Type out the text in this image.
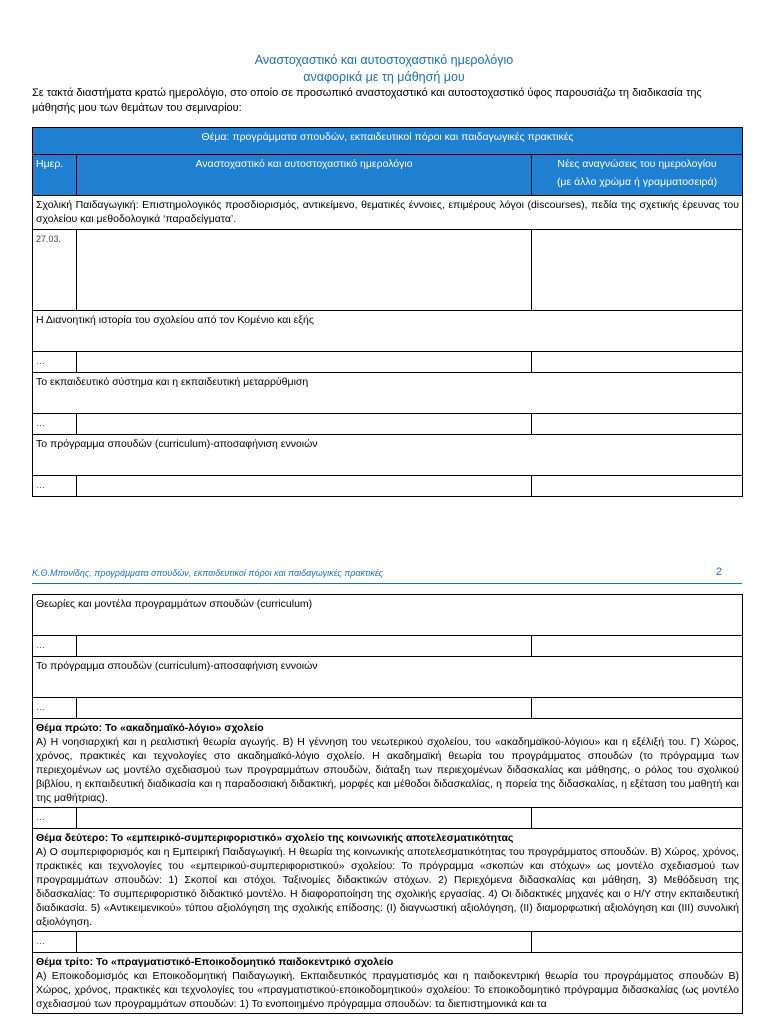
Αναστοχαστικό και αυτοστοχαστικό ημερολόγιο
αναφορικά με τη μάθησή μου
Σε τακτά διαστήματα κρατώ ημερολόγιο, στο οποίο σε προσωπικό αναστοχαστικό και αυτοστοχαστικό ύφος παρουσιάζω τη διαδικασία της μάθησής μου των θεμάτων του σεμιναρίου:
Θέμα: προγράμματα σπουδών, εκπαιδευτικοί πόροι και παιδαγωγικές πρακτικές		
Ημερ.	Αναστοχαστικό και αυτοστοχαστικό ημερολόγιο	Νέες αναγνώσεις του ημερολογίου
(με άλλο χρώμα ή γραμματοσειρά)

Σχολική Παιδαγωγική: Επιστημολογικός προσδιορισμός, αντικείμενο, θεματικές έννοιες, επιμέρους λόγοι (discourses), πεδία της σχετικής έρευνας του σχολείου και μεθοδολογικά ‘παραδείγματα’.		
27.03.		
Η Διανοητική ιστορία του σχολείου από τον Κομένιο και εξής		
…		
Το εκπαιδευτικό σύστημα και η εκπαιδευτική μεταρρύθμιση		
…		
Το πρόγραμμα σπουδών (curriculum)-αποσαφήνιση εννοιών		
…		
Κ.Θ.Μπονίδης, προγράμματα σπουδών, εκπαιδευτικοί πόροι και παιδαγωγικές πρακτικές	2
Θεωρίες και μοντέλα προγραμμάτων σπουδών (curriculum)		
…		
Το πρόγραμμα σπουδών (curriculum)-αποσαφήνιση εννοιών		
…		

Θέμα πρώτο: Το «ακαδημαϊκό-λόγιο» σχολείο
Α) Η νοησιαρχική και η ρεαλιστική θεωρία αγωγής. Β) Η γέννηση του νεωτερικού σχολείου, του «ακαδημαϊκού-λόγιου» και η εξέλιξή του. Γ) Χώρος, χρόνος, πρακτικές και τεχνολογίες στο ακαδημαϊκό-λόγιο σχολείο. Η ακαδημαϊκή θεωρία του προγράμματος σπουδών (το πρόγραμμα των περιεχομένων ως μοντέλο σχεδιασμού των προγραμμάτων σπουδών, διάταξη των περιεχομένων διδασκαλίας και μάθησης, ο ρόλος του σχολικού βιβλίου, η εκπαιδευτική διαδικασία και η παραδοσιακή διδακτική, μορφές και μέθοδοι διδασκαλίας, η πορεία της διδασκαλίας, η εξέταση του μαθητή και της μαθήτριας).		
…		

Θέμα δεύτερο: Το «εμπειρικό-συμπεριφοριστικό» σχολείο της κοινωνικής αποτελεσματικότητας
Α) Ο συμπεριφορισμός και η Εμπειρική Παιδαγωγική. Η θεωρία της κοινωνικής αποτελεσματικότητας του προγράμματος σπουδών. Β) Χώρος, χρόνος, πρακτικές και τεχνολογίες του «εμπειρικού-συμπεριφοριστικού» σχολείου: Το πρόγραμμα «σκοπών και στόχων» ως μοντέλο σχεδιασμού των προγραμμάτων σπουδών: 1) Σκοποί και στόχοι. Ταξινομίες διδακτικών στόχων. 2) Περιεχόμενα διδασκαλίας και μάθηση, 3) Μεθόδευση της διδασκαλίας: Το συμπεριφοριστικό διδακτικό μοντέλο. Η διαφοροποίηση της σχολικής εργασίας. 4) Οι διδακτικές μηχανές και ο Η/Υ στην εκπαιδευτική διαδικασία. 5) «Αντικειμενικού» τύπου αξιολόγηση της σχολικής επίδοσης: (Ι) διαγνωστική αξιολόγηση, (ΙΙ) διαμορφωτική αξιολόγηση και (ΙΙΙ) συνολική αξιολόγηση.		
…		

Θέμα τρίτο: Το «πραγματιστικό-Εποικοδομητικό παιδοκεντρικό σχολείο
Α) Εποικοδομισμός και Εποικοδομητική Παιδαγωγική. Εκπαιδευτικός πραγματισμός και η παιδοκεντρική θεωρία του προγράμματος σπουδών Β) Χώρος, χρόνος, πρακτικές και τεχνολογίες του «πραγματιστικού-εποικοδομητικού» σχολείου: Το εποικοδομητικό πρόγραμμα διδασκαλίας (ως μοντέλο σχεδιασμού των προγραμμάτων σπουδών: 1) Το ενοποιημένο πρόγραμμα σπουδών: τα διεπιστημονικά και τα		
